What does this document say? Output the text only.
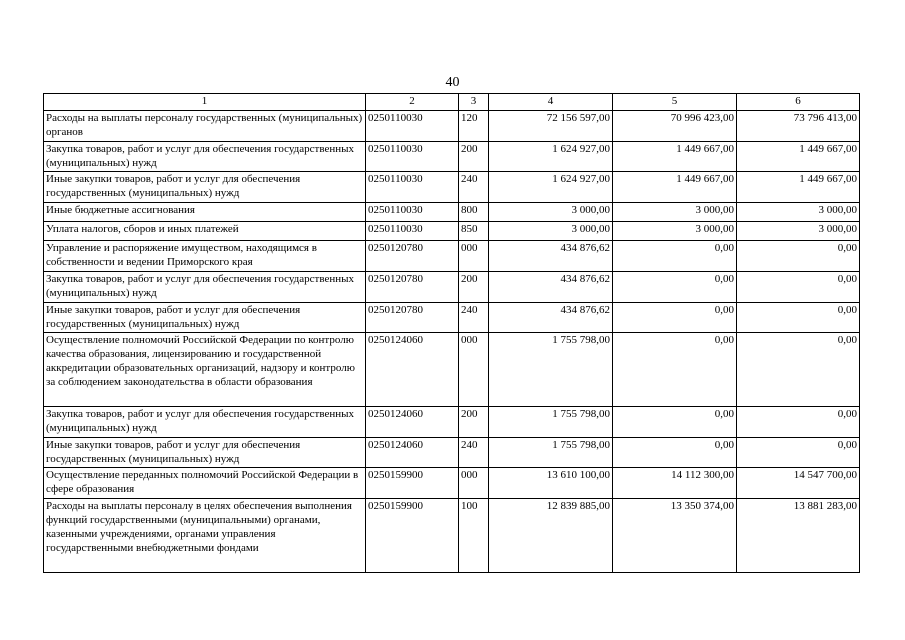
40
1	2	3	4	5	6
Расходы на выплаты персоналу государственных (муниципальных) органов	0250110030	120	72 156 597,00	70 996 423,00	73 796 413,00
Закупка товаров, работ и услуг для обеспечения государственных (муниципальных) нужд	0250110030	200	1 624 927,00	1 449 667,00	1 449 667,00
Иные закупки товаров, работ и услуг для обеспечения государственных (муниципальных) нужд	0250110030	240	1 624 927,00	1 449 667,00	1 449 667,00
Иные бюджетные ассигнования	0250110030	800	3 000,00	3 000,00	3 000,00
Уплата налогов, сборов и иных платежей	0250110030	850	3 000,00	3 000,00	3 000,00
Управление и распоряжение имуществом, находящимся в собственности и ведении Приморского края	0250120780	000	434 876,62	0,00	0,00
Закупка товаров, работ и услуг для обеспечения государственных (муниципальных) нужд	0250120780	200	434 876,62	0,00	0,00
Иные закупки товаров, работ и услуг для обеспечения государственных (муниципальных) нужд	0250120780	240	434 876,62	0,00	0,00
Осуществление полномочий Российской Федерации по контролю качества образования, лицензированию и государственной аккредитации образовательных организаций, надзору и контролю за соблюдением законодательства в области образования	0250124060	000	1 755 798,00	0,00	0,00
Закупка товаров, работ и услуг для обеспечения государственных (муниципальных) нужд	0250124060	200	1 755 798,00	0,00	0,00
Иные закупки товаров, работ и услуг для обеспечения государственных (муниципальных) нужд	0250124060	240	1 755 798,00	0,00	0,00
Осуществление переданных полномочий Российской Федерации в сфере образования	0250159900	000	13 610 100,00	14 112 300,00	14 547 700,00
Расходы на выплаты персоналу в целях обеспечения выполнения функций государственными (муниципальными) органами, казенными учреждениями, органами управления государственными внебюджетными фондами	0250159900	100	12 839 885,00	13 350 374,00	13 881 283,00
